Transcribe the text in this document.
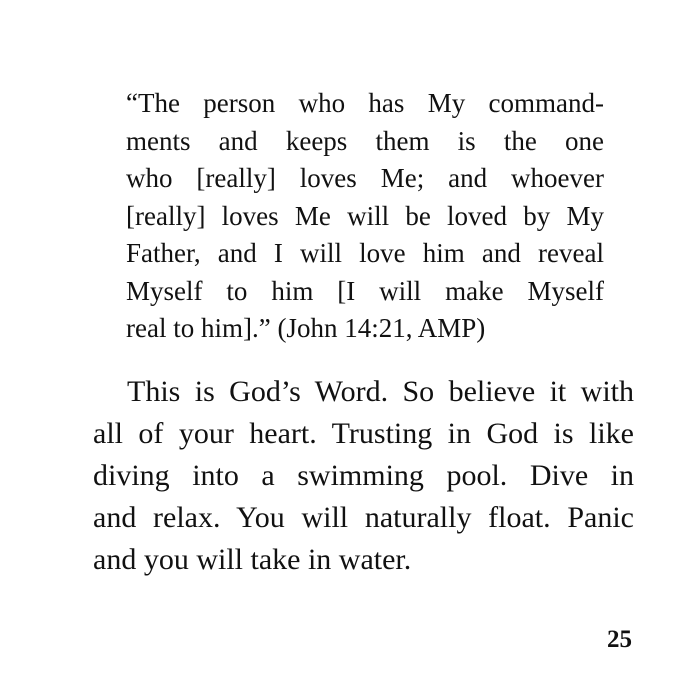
“The person who has My command-
ments and keeps them is the one
who [really] loves Me; and whoever
[really] loves Me will be loved by My
Father, and I will love him and reveal
Myself to him [I will make Myself
real to him].” (John 14:21, AMP)
This is God’s Word. So believe it with
all of your heart. Trusting in God is like
diving into a swimming pool. Dive in
and relax. You will naturally float. Panic
and you will take in water.
25
